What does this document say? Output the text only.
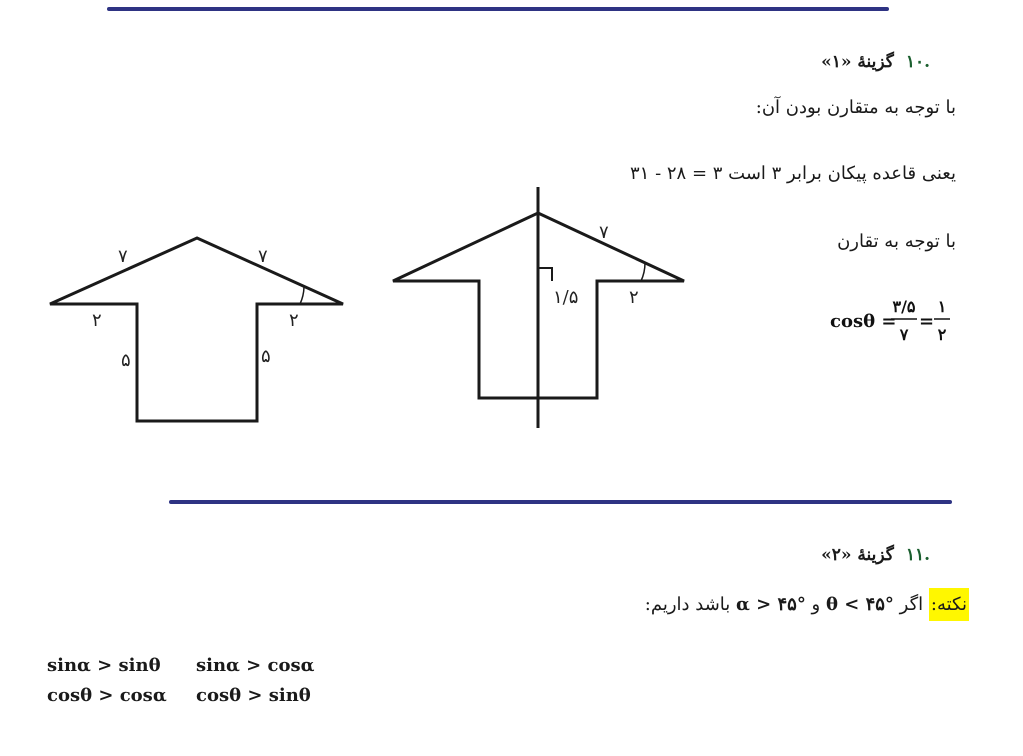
.۱۰ گزینهٔ «۱»
با توجه به متقارن بودن آن:
یعنی قاعده پیکان برابر ۳ است ۳ = ۲۸ - ۳۱
با توجه به تقارن
۷	۷
۲	۲
۵	۵
۷
۱/۵	۲
cosθ =
۳/۵
۷
=
۱
۲
.۱۱ گزینهٔ «۲»
نکته: اگر θ < ۴۵° و α > ۴۵° باشد داریم:
sinα > sinθ sinα > cosα
cosθ > cosα cosθ > sinθ
